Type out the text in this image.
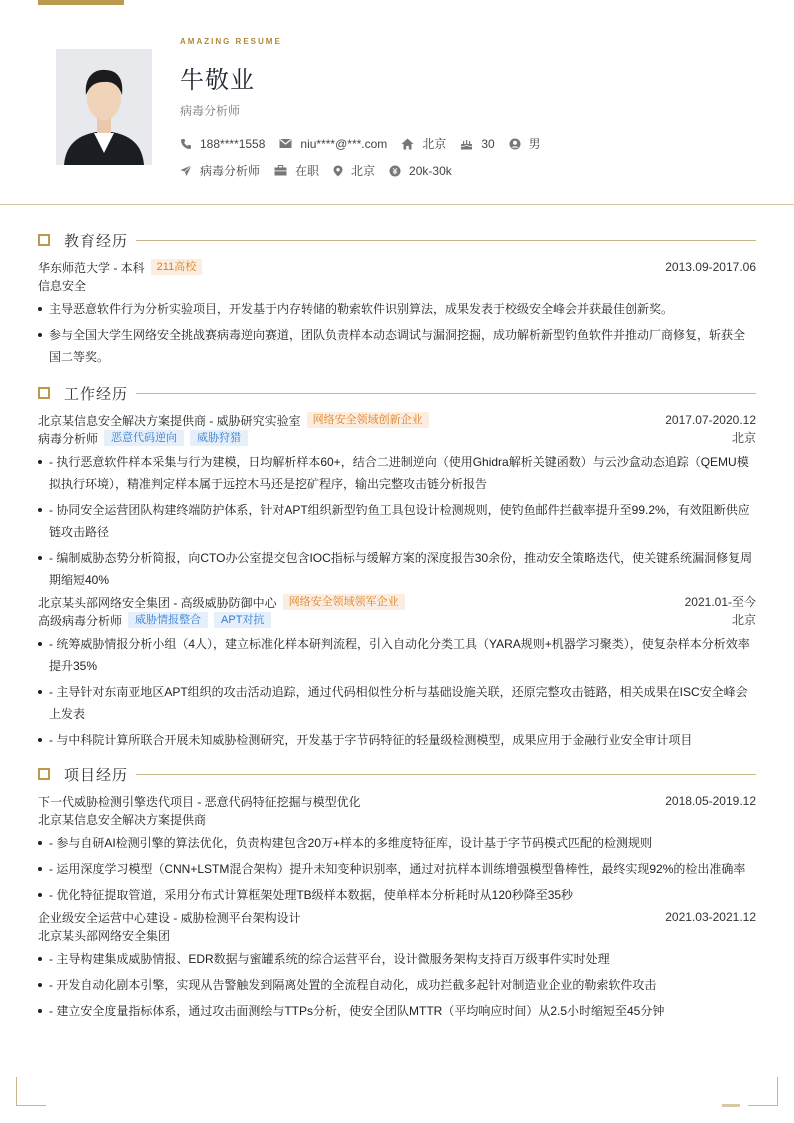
AMAZING RESUME
牛敬业
病毒分析师
188****1558	niu****@***.com	北京	30	男
病毒分析师	在职	北京	20k-30k
教育经历
华东师范大学 - 本科	211高校	2013.09-2017.06
信息安全
主导恶意软件行为分析实验项目，开发基于内存转储的勒索软件识别算法，成果发表于校级安全峰会并获最佳创新奖。
参与全国大学生网络安全挑战赛病毒逆向赛道，团队负责样本动态调试与漏洞挖掘，成功解析新型钓鱼软件并推动厂商修复，斩获全国二等奖。
工作经历
北京某信息安全解决方案提供商 - 威胁研究实验室	网络安全领域创新企业	2017.07-2020.12
病毒分析师	恶意代码逆向	威胁狩猎	北京
- 执行恶意软件样本采集与行为建模，日均解析样本60+，结合二进制逆向（使用Ghidra解析关键函数）与云沙盒动态追踪（QEMU模拟执行环境），精准判定样本属于远控木马还是挖矿程序，输出完整攻击链分析报告
- 协同安全运营团队构建终端防护体系，针对APT组织新型钓鱼工具包设计检测规则，使钓鱼邮件拦截率提升至99.2%，有效阻断供应链攻击路径
- 编制威胁态势分析简报，向CTO办公室提交包含IOC指标与缓解方案的深度报告30余份，推动安全策略迭代，使关键系统漏洞修复周期缩短40%
北京某头部网络安全集团 - 高级威胁防御中心	网络安全领域领军企业	2021.01-至今
高级病毒分析师	威胁情报整合	APT对抗	北京
- 统筹威胁情报分析小组（4人），建立标准化样本研判流程，引入自动化分类工具（YARA规则+机器学习聚类），使复杂样本分析效率提升35%
- 主导针对东南亚地区APT组织的攻击活动追踪，通过代码相似性分析与基础设施关联，还原完整攻击链路，相关成果在ISC安全峰会上发表
- 与中科院计算所联合开展未知威胁检测研究，开发基于字节码特征的轻量级检测模型，成果应用于金融行业安全审计项目
项目经历
下一代威胁检测引擎迭代项目 - 恶意代码特征挖掘与模型优化	2018.05-2019.12
北京某信息安全解决方案提供商
- 参与自研AI检测引擎的算法优化，负责构建包含20万+样本的多维度特征库，设计基于字节码模式匹配的检测规则
- 运用深度学习模型（CNN+LSTM混合架构）提升未知变种识别率，通过对抗样本训练增强模型鲁棒性，最终实现92%的检出准确率
- 优化特征提取管道，采用分布式计算框架处理TB级样本数据，使单样本分析耗时从120秒降至35秒
企业级安全运营中心建设 - 威胁检测平台架构设计	2021.03-2021.12
北京某头部网络安全集团
- 主导构建集成威胁情报、EDR数据与蜜罐系统的综合运营平台，设计微服务架构支持百万级事件实时处理
- 开发自动化剧本引擎，实现从告警触发到隔离处置的全流程自动化，成功拦截多起针对制造业企业的勒索软件攻击
- 建立安全度量指标体系，通过攻击面测绘与TTPs分析，使安全团队MTTR（平均响应时间）从2.5小时缩短至45分钟
